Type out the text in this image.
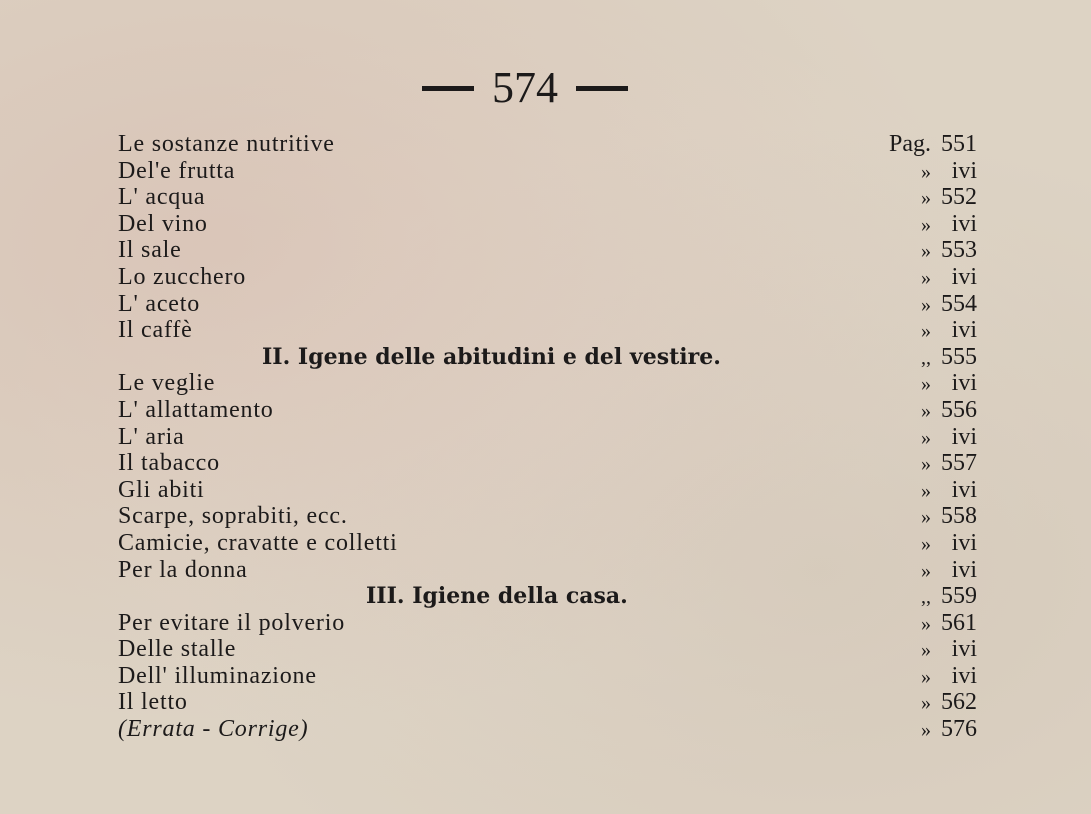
574
Le sostanze nutritive	Pag. 551
Del'e frutta	» ivi
L' acqua	» 552
Del vino	» ivi
Il sale	» 553
Lo zucchero	» ivi
L' aceto	» 554
Il caffè	» ivi
II. Igene delle abitudini e del vestire.	,, 555
Le veglie	» ivi
L' allattamento	» 556
L' aria	» ivi
Il tabacco	» 557
Gli abiti	» ivi
Scarpe, soprabiti, ecc.	» 558
Camicie, cravatte e colletti	» ivi
Per la donna	» ivi
III. Igiene della casa.	,, 559
Per evitare il polverio	» 561
Delle stalle	» ivi
Dell' illuminazione	» ivi
Il letto	» 562
(Errata - Corrige)	» 576
